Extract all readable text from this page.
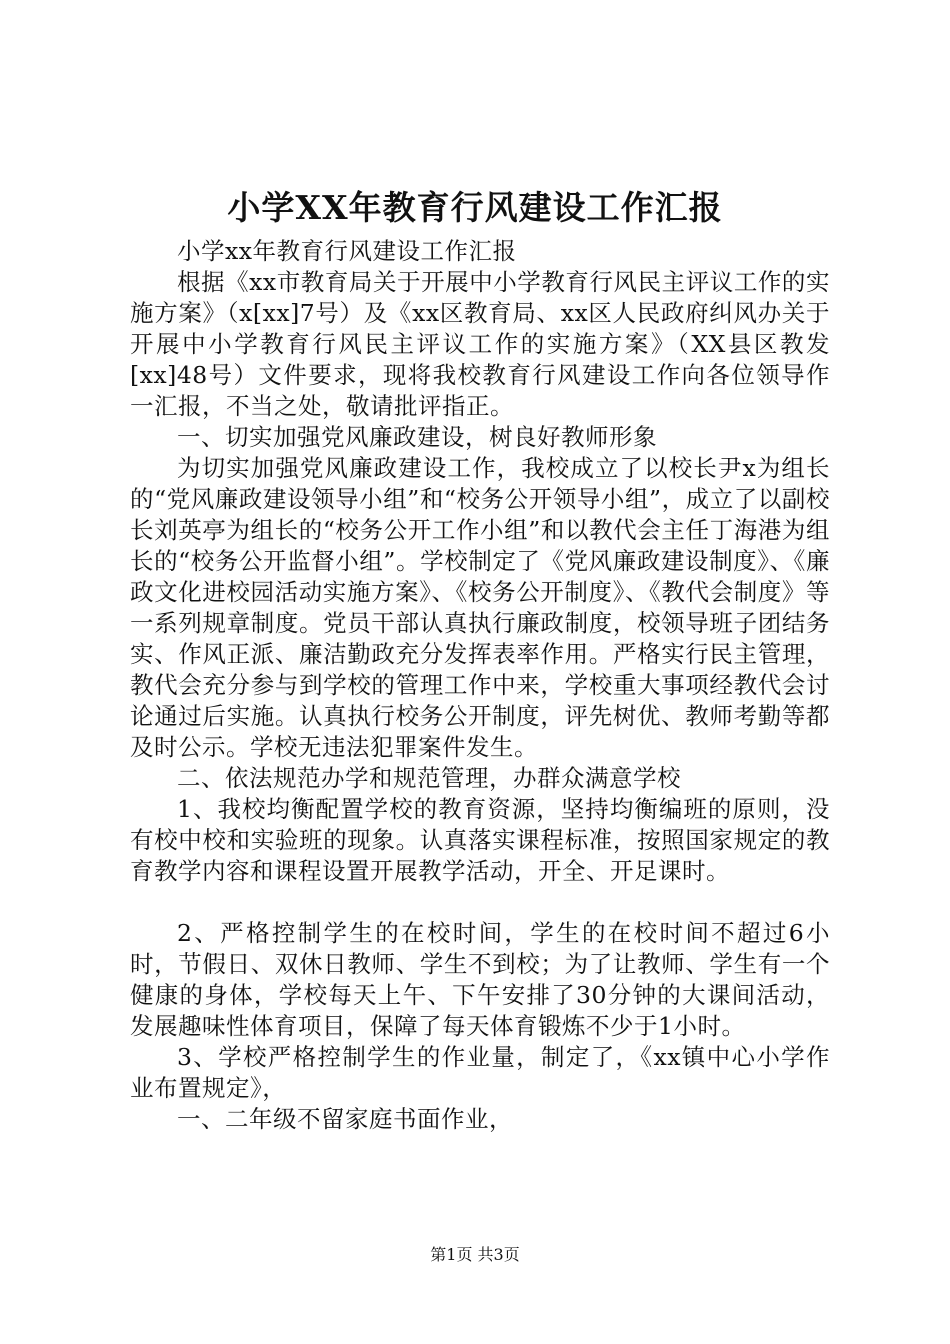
小学XX年教育行风建设工作汇报

小学xx年教育行风建设工作汇报

根据《xx市教育局关于开展中小学教育行风民主评议工作的实施方案》（x[xx]7号）及《xx区教育局、xx区人民政府纠风办关于开展中小学教育行风民主评议工作的实施方案》（XX县区教发[xx]48号）文件要求，现将我校教育行风建设工作向各位领导作一汇报，不当之处，敬请批评指正。

一、切实加强党风廉政建设，树良好教师形象

为切实加强党风廉政建设工作，我校成立了以校长尹x为组长的“党风廉政建设领导小组”和“校务公开领导小组”，成立了以副校长刘英亭为组长的“校务公开工作小组”和以教代会主任丁海港为组长的“校务公开监督小组”。学校制定了《党风廉政建设制度》、《廉政文化进校园活动实施方案》、《校务公开制度》、《教代会制度》等一系列规章制度。党员干部认真执行廉政制度，校领导班子团结务实、作风正派、廉洁勤政充分发挥表率作用。严格实行民主管理，教代会充分参与到学校的管理工作中来，学校重大事项经教代会讨论通过后实施。认真执行校务公开制度，评先树优、教师考勤等都及时公示。学校无违法犯罪案件发生。

二、依法规范办学和规范管理，办群众满意学校

1、我校均衡配置学校的教育资源，坚持均衡编班的原则，没有校中校和实验班的现象。认真落实课程标准，按照国家规定的教育教学内容和课程设置开展教学活动，开全、开足课时。

2、严格控制学生的在校时间，学生的在校时间不超过6小时，节假日、双休日教师、学生不到校；为了让教师、学生有一个健康的身体，学校每天上午、下午安排了30分钟的大课间活动，发展趣味性体育项目，保障了每天体育锻炼不少于1小时。

3、学校严格控制学生的作业量，制定了，《xx镇中心小学作业布置规定》，

一、二年级不留家庭书面作业，

第1页 共3页
